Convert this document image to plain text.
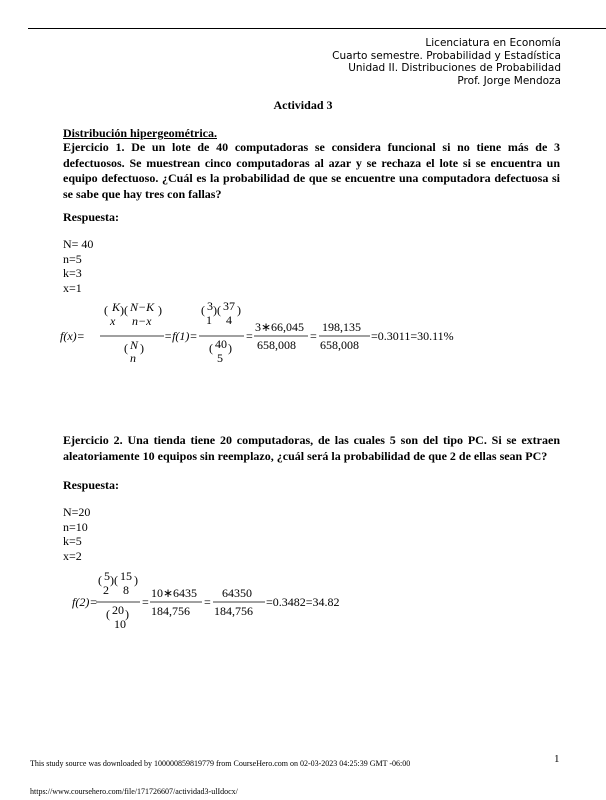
Licenciatura en Economía
Cuarto semestre. Probabilidad y Estadística
Unidad II. Distribuciones de Probabilidad
Prof. Jorge Mendoza
Actividad 3
Distribución hipergeométrica.
Ejercicio 1. De un lote de 40 computadoras se considera funcional si no tiene más de 3 defectuosos. Se muestrean cinco computadoras al azar y se rechaza el lote si se encuentra un equipo defectuoso. ¿Cuál es la probabilidad de que se encuentre una computadora defectuosa si se sabe que hay tres con fallas?
Respuesta:
N= 40
n=5
k=3
x=1
f(x)=
( K
x
)( N−K
n−x
)
( N
n
)
=f(1)=
( 3
1
)( 37
4
)
( 40
5
)
=
3∗66,045
658,008
=
198,135
658,008
=0.3011=30.11%
Ejercicio 2. Una tienda tiene 20 computadoras, de las cuales 5 son del tipo PC. Si se extraen aleatoriamente 10 equipos sin reemplazo, ¿cuál será la probabilidad de que 2 de ellas sean PC?
Respuesta:
N=20
n=10
k=5
x=2
f(2)=
( 5
2
)( 15
8
)
( 20
10
)
=
10∗6435
184,756
=
64350
184,756
=0.3482=34.82
1
This study source was downloaded by 100000859819779 from CourseHero.com on 02-03-2023 04:25:39 GMT -06:00
https://www.coursehero.com/file/171726607/actividad3-ulIdocx/
